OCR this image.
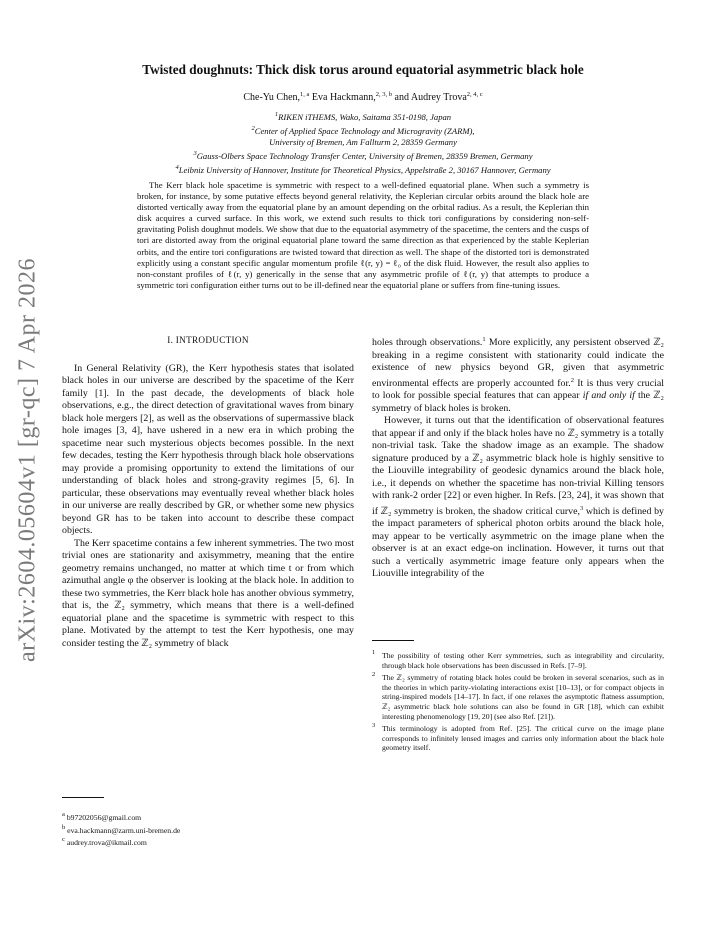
arXiv:2604.05604v1 [gr-qc] 7 Apr 2026
Twisted doughnuts: Thick disk torus around equatorial asymmetric black hole
Che-Yu Chen,$^{1, a}$ Eva Hackmann,$^{2, 3, b}$ and Audrey Trova$^{2, 4, c}$
$^1$RIKEN iTHEMS, Wako, Saitama 351-0198, Japan
$^2$Center of Applied Space Technology and Microgravity (ZARM),
University of Bremen, Am Fallturm 2, 28359 Germany
$^3$Gauss-Olbers Space Technology Transfer Center, University of Bremen, 28359 Bremen, Germany
$^4$Leibniz University of Hannover, Institute for Theoretical Physics, Appelstraße 2, 30167 Hannover, Germany
The Kerr black hole spacetime is symmetric with respect to a well-defined equatorial plane. When such a symmetry is broken, for instance, by some putative effects beyond general relativity, the Keplerian circular orbits around the black hole are distorted vertically away from the equatorial plane by an amount depending on the orbital radius. As a result, the Keplerian thin disk acquires a curved surface. In this work, we extend such results to thick tori configurations by considering non-self-gravitating Polish doughnut models. We show that due to the equatorial asymmetry of the spacetime, the centers and the cusps of tori are distorted away from the original equatorial plane toward the same direction as that experienced by the stable Keplerian orbits, and the entire tori configurations are twisted toward that direction as well. The shape of the distorted tori is demonstrated explicitly using a constant specific angular momentum profile ℓ(r, y) = ℓ₀ of the disk fluid. However, the result also applies to non-constant profiles of ℓ(r, y) generically in the sense that any asymmetric profile of ℓ(r, y) that attempts to produce a symmetric tori configuration either turns out to be ill-defined near the equatorial plane or suffers from fine-tuning issues.
I. INTRODUCTION

In General Relativity (GR), the Kerr hypothesis states that isolated black holes in our universe are described by the spacetime of the Kerr family [1]. In the past decade, the developments of black hole observations, e.g., the direct detection of gravitational waves from binary black hole mergers [2], as well as the observations of supermassive black hole images [3, 4], have ushered in a new era in which probing the spacetime near such mysterious objects becomes possible. In the next few decades, testing the Kerr hypothesis through black hole observations may provide a promising opportunity to extend the limitations of our understanding of black holes and strong-gravity regimes [5, 6]. In particular, these observations may eventually reveal whether black holes in our universe are really described by GR, or whether some new physics beyond GR has to be taken into account to describe these compact objects.

The Kerr spacetime contains a few inherent symmetries. The two most trivial ones are stationarity and axisymmetry, meaning that the entire geometry remains unchanged, no matter at which time t or from which azimuthal angle φ the observer is looking at the black hole. In addition to these two symmetries, the Kerr black hole has another obvious symmetry, that is, the ℤ₂ symmetry, which means that there is a well-defined equatorial plane and the spacetime is symmetric with respect to this plane. Motivated by the attempt to test the Kerr hypothesis, one may consider testing the ℤ₂ symmetry of black

holes through observations.$^1$ More explicitly, any persistent observed ℤ₂ breaking in a regime consistent with stationarity could indicate the existence of new physics beyond GR, given that asymmetric environmental effects are properly accounted for.$^2$ It is thus very crucial to look for possible special features that can appear if and only if the ℤ₂ symmetry of black holes is broken.

However, it turns out that the identification of observational features that appear if and only if the black holes have no ℤ₂ symmetry is a totally non-trivial task. Take the shadow image as an example. The shadow signature produced by a ℤ₂ asymmetric black hole is highly sensitive to the Liouville integrability of geodesic dynamics around the black hole, i.e., it depends on whether the spacetime has non-trivial Killing tensors with rank-2 order [22] or even higher. In Refs. [23, 24], it was shown that if ℤ₂ symmetry is broken, the shadow critical curve,$^3$ which is defined by the impact parameters of spherical photon orbits around the black hole, may appear to be vertically asymmetric on the image plane when the observer is at an exact edge-on inclination. However, it turns out that such a vertically asymmetric image feature only appears when the Liouville integrability of the

$^a$ b97202056@gmail.com
$^b$ eva.hackmann@zarm.uni-bremen.de
$^c$ audrey.trova@ikmail.com
$^1$ The possibility of testing other Kerr symmetries, such as integrability and circularity, through black hole observations has been discussed in Refs. [7–9].
$^2$ The ℤ₂ symmetry of rotating black holes could be broken in several scenarios, such as in the theories in which parity-violating interactions exist [10–13], or for compact objects in string-inspired models [14–17]. In fact, if one relaxes the asymptotic flatness assumption, ℤ₂ asymmetric black hole solutions can also be found in GR [18], which can exhibit interesting phenomenology [19, 20] (see also Ref. [21]).
$^3$ This terminology is adopted from Ref. [25]. The critical curve on the image plane corresponds to infinitely lensed images and carries only information about the black hole geometry itself.
